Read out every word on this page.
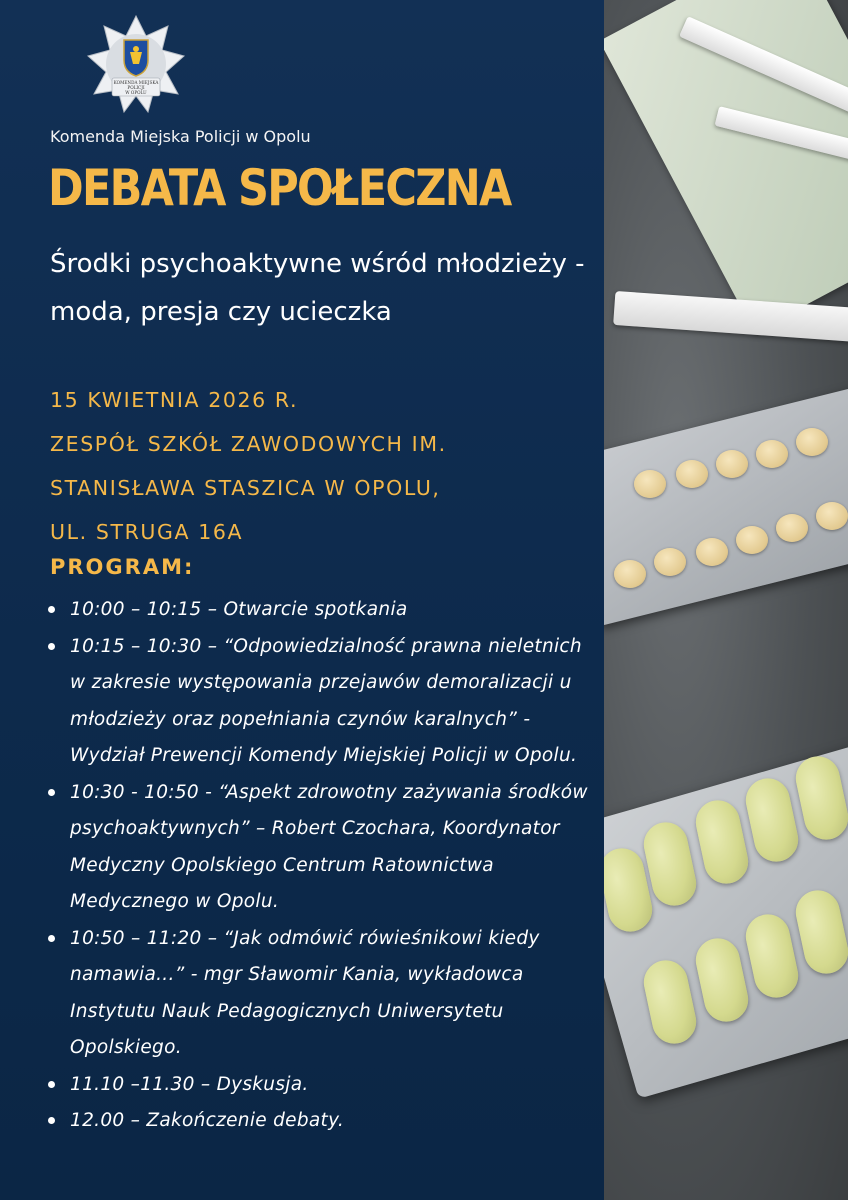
KOMENDA MIEJSKA
POLICJI
W OPOLU
Komenda Miejska Policji w Opolu
DEBATA SPOŁECZNA
Środki psychoaktywne wśród młodzieży - moda, presja czy ucieczka
15 KWIETNIA 2026 R.
ZESPÓŁ SZKÓŁ ZAWODOWYCH IM.
STANISŁAWA STASZICA W OPOLU,
UL. STRUGA 16A
PROGRAM:
10:00 – 10:15 – Otwarcie spotkania
10:15 – 10:30 – “Odpowiedzialność prawna nieletnich w zakresie występowania przejawów demoralizacji u młodzieży oraz popełniania czynów karalnych” - Wydział Prewencji Komendy Miejskiej Policji w Opolu.
10:30 - 10:50 - “Aspekt zdrowotny zażywania środków psychoaktywnych” – Robert Czochara, Koordynator Medyczny Opolskiego Centrum Ratownictwa Medycznego w Opolu.
10:50 – 11:20 – “Jak odmówić rówieśnikowi kiedy namawia...” - mgr Sławomir Kania, wykładowca Instytutu Nauk Pedagogicznych Uniwersytetu Opolskiego.
11.10 –11.30 – Dyskusja.
12.00 – Zakończenie debaty.
